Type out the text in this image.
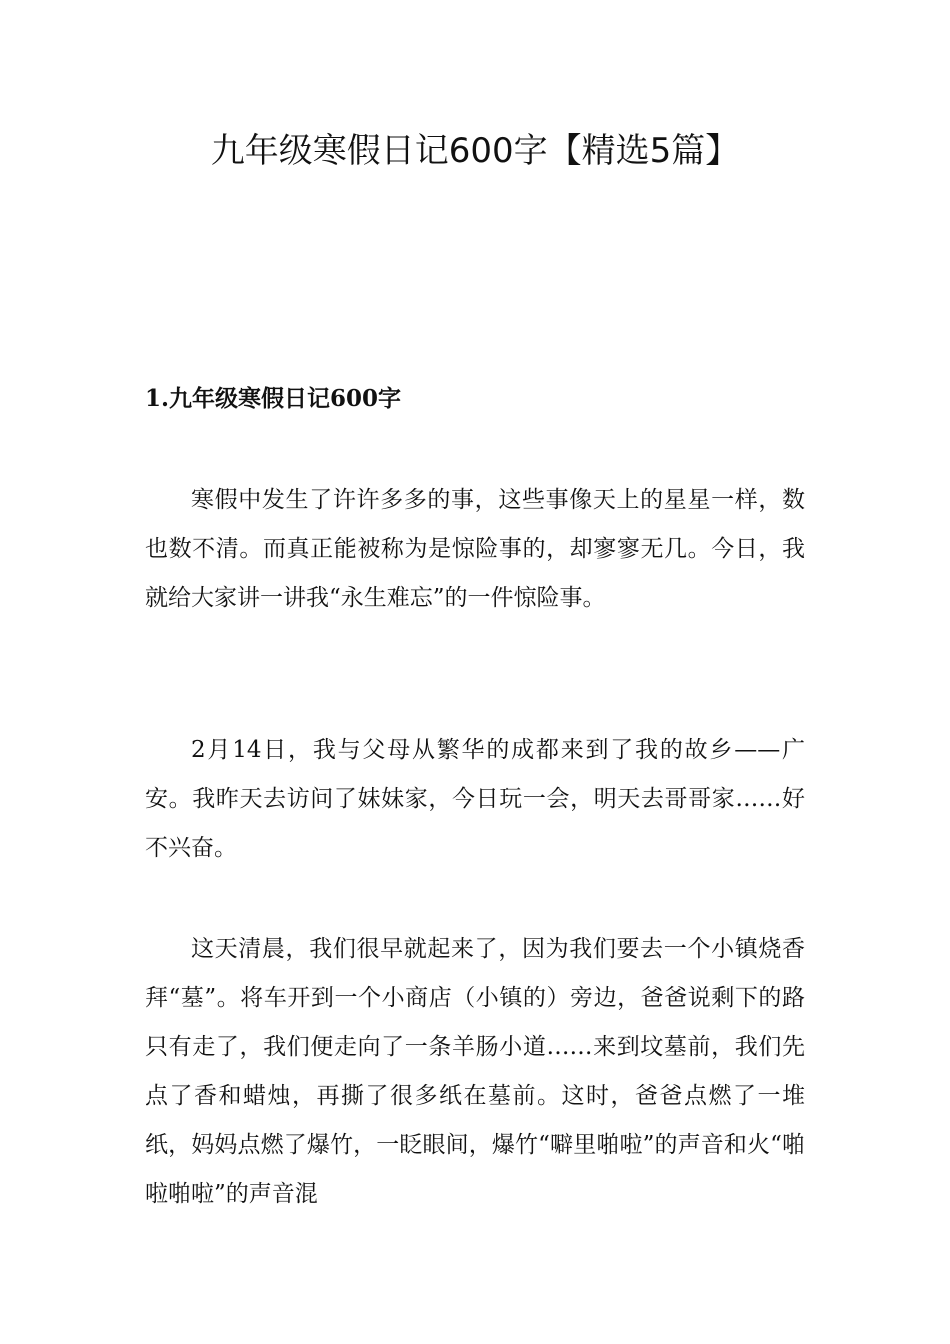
九年级寒假日记600字【精选5篇】
1.九年级寒假日记600字

寒假中发生了许许多多的事，这些事像天上的星星一样，数也数不清。而真正能被称为是惊险事的，却寥寥无几。今日，我就给大家讲一讲我“永生难忘”的一件惊险事。

2月14日，我与父母从繁华的成都来到了我的故乡——广安。我昨天去访问了妹妹家，今日玩一会，明天去哥哥家……好不兴奋。

这天清晨，我们很早就起来了，因为我们要去一个小镇烧香拜“墓”。将车开到一个小商店（小镇的）旁边，爸爸说剩下的路只有走了，我们便走向了一条羊肠小道……来到坟墓前，我们先点了香和蜡烛，再撕了很多纸在墓前。这时，爸爸点燃了一堆纸，妈妈点燃了爆竹，一眨眼间，爆竹“噼里啪啦”的声音和火“啪啦啪啦”的声音混
